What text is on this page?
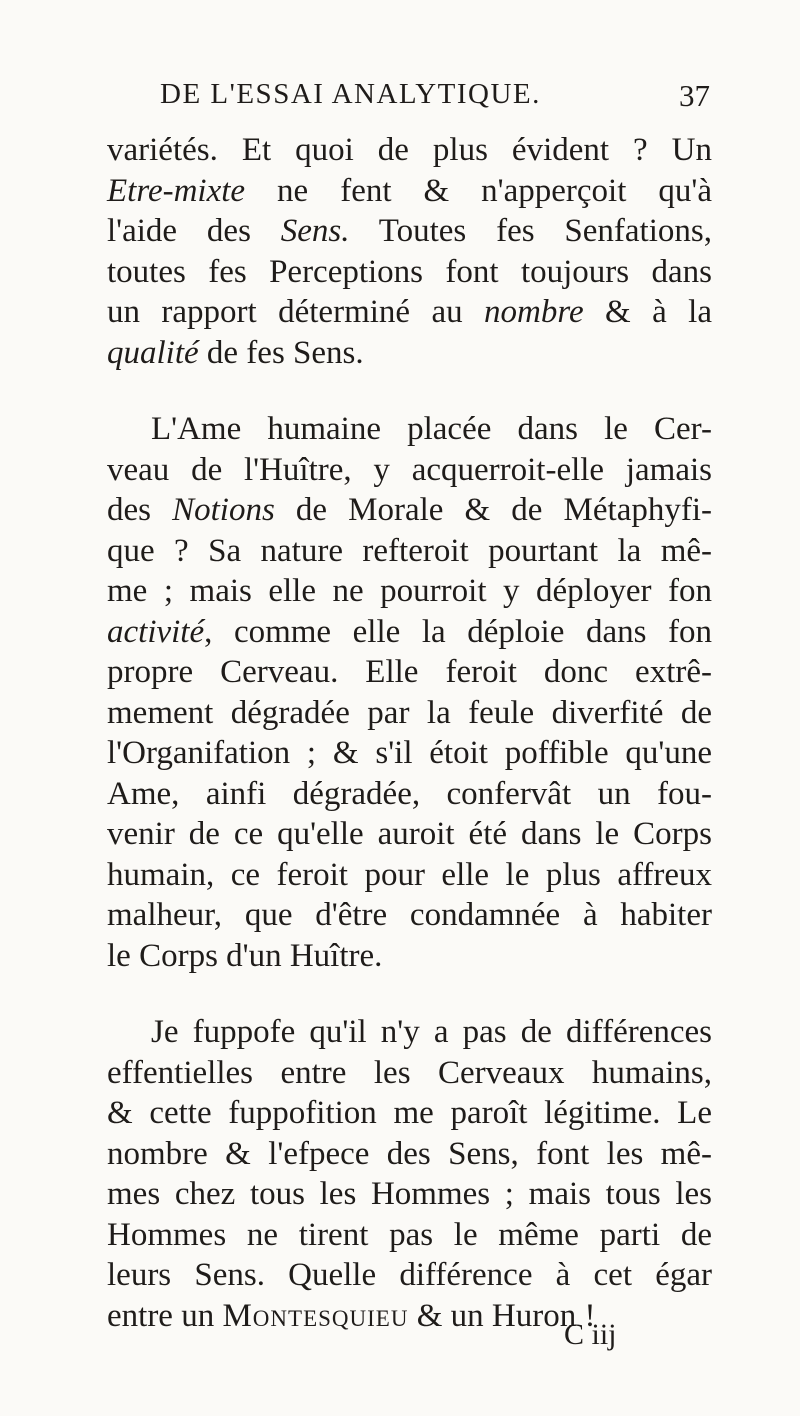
DE L'ESSAI ANALYTIQUE.	37
variétés. Et quoi de plus évident ? Un
Etre-mixte ne fent & n'apperçoit qu'à
l'aide des Sens. Toutes fes Senfations,
toutes fes Perceptions font toujours dans
un rapport déterminé au nombre & à la
qualité de fes Sens.
L'Ame humaine placée dans le Cer-
veau de l'Huître, y acquerroit-elle jamais
des Notions de Morale & de Métaphyfi-
que ? Sa nature refteroit pourtant la mê-
me ; mais elle ne pourroit y déployer fon
activité, comme elle la déploie dans fon
propre Cerveau. Elle feroit donc extrê-
mement dégradée par la feule diverfité de
l'Organifation ; & s'il étoit poffible qu'une
Ame, ainfi dégradée, confervât un fou-
venir de ce qu'elle auroit été dans le Corps
humain, ce feroit pour elle le plus affreux
malheur, que d'être condamnée à habiter
le Corps d'un Huître.
Je fuppofe qu'il n'y a pas de différences
effentielles entre les Cerveaux humains,
& cette fuppofition me paroît légitime. Le
nombre & l'efpece des Sens, font les mê-
mes chez tous les Hommes ; mais tous les
Hommes ne tirent pas le même parti de
leurs Sens. Quelle différence à cet égar
entre un Montesquieu & un Huron !
C iij
